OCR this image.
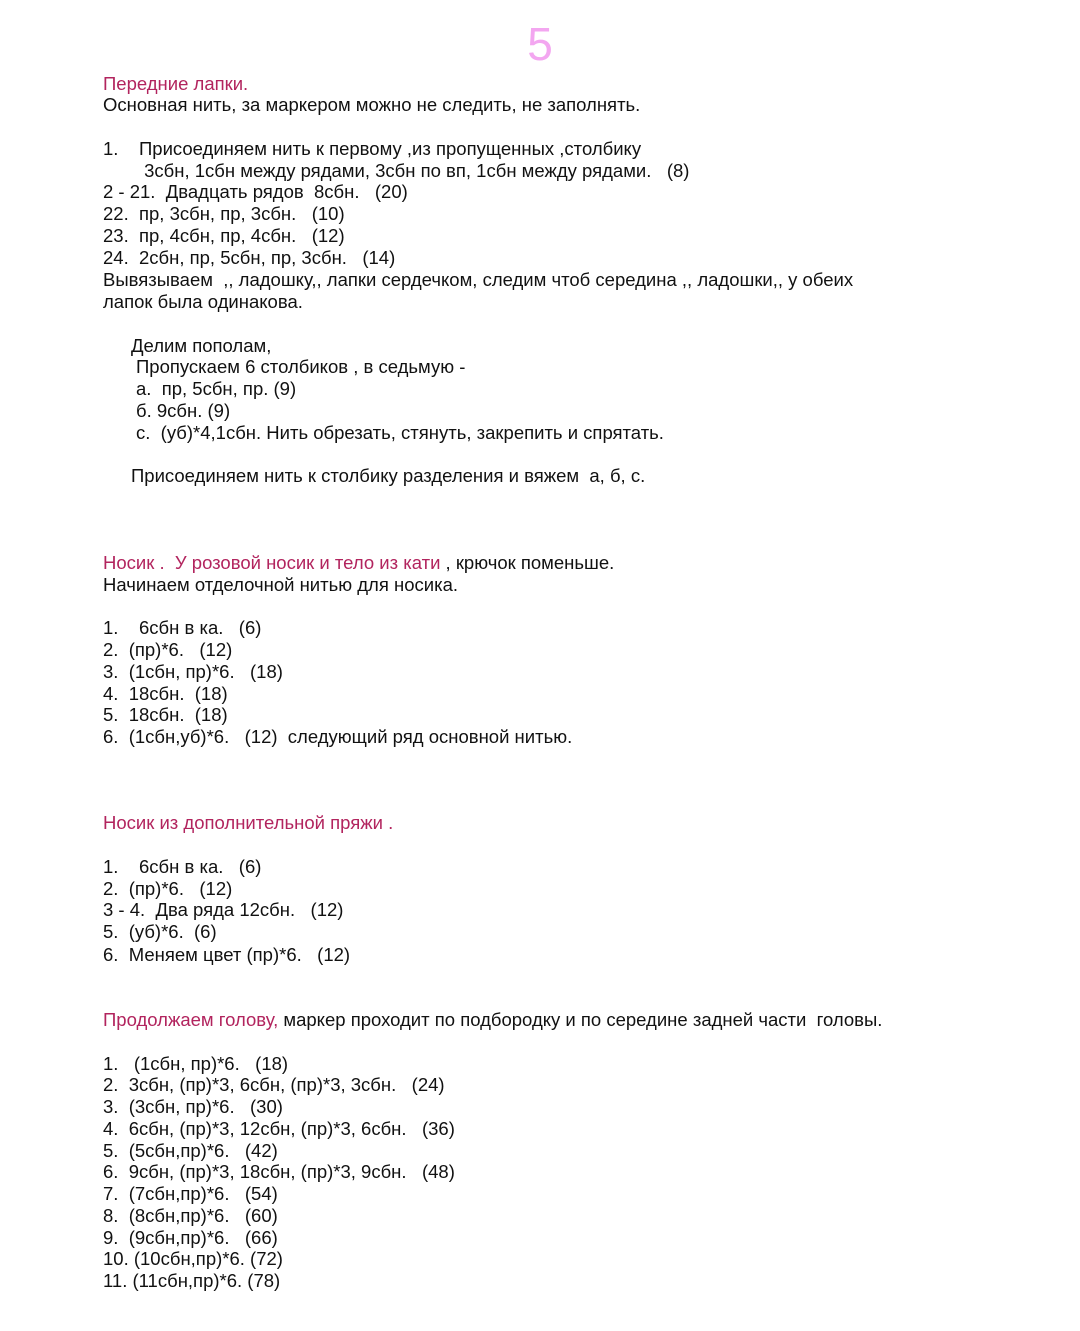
5
Передние лапки.
Основная нить, за маркером можно не следить, не заполнять.
1.    Присоединяем нить к первому ,из пропущенных ,столбику
3сбн, 1сбн между рядами, 3сбн по вп, 1сбн между рядами.   (8)
2 - 21.  Двадцать рядов  8сбн.   (20)
22.  пр, 3сбн, пр, 3сбн.   (10)
23.  пр, 4сбн, пр, 4сбн.   (12)
24.  2сбн, пр, 5сбн, пр, 3сбн.   (14)
Вывязываем  ,, ладошку,, лапки сердечком, следим чтоб середина ,, ладошки,, у обеих
лапок была одинакова.
Делим пополам,
Пропускаем 6 столбиков , в седьмую -
а.  пр, 5сбн, пр. (9)
б. 9сбн. (9)
с.  (уб)*4,1сбн. Нить обрезать, стянуть, закрепить и спрятать.
Присоединяем нить к столбику разделения и вяжем  а, б, с.
Носик .  У розовой носик и тело из кати , крючок поменьше.
Начинаем отделочной нитью для носика.
1.    6сбн в ка.   (6)
2.  (пр)*6.   (12)
3.  (1сбн, пр)*6.   (18)
4.  18сбн.  (18)
5.  18сбн.  (18)
6.  (1сбн,уб)*6.   (12)  следующий ряд основной нитью.
Носик из дополнительной пряжи .
1.    6сбн в ка.   (6)
2.  (пр)*6.   (12)
3 - 4.  Два ряда 12сбн.   (12)
5.  (уб)*6.  (6)
6.  Меняем цвет (пр)*6.   (12)
Продолжаем голову, маркер проходит по подбородку и по середине задней части  головы.
1.   (1сбн, пр)*6.   (18)
2.  3сбн, (пр)*3, 6сбн, (пр)*3, 3сбн.   (24)
3.  (3сбн, пр)*6.   (30)
4.  6сбн, (пр)*3, 12сбн, (пр)*3, 6сбн.   (36)
5.  (5сбн,пр)*6.   (42)
6.  9сбн, (пр)*3, 18сбн, (пр)*3, 9сбн.   (48)
7.  (7сбн,пр)*6.   (54)
8.  (8сбн,пр)*6.   (60)
9.  (9сбн,пр)*6.   (66)
10. (10сбн,пр)*6. (72)
11. (11сбн,пр)*6. (78)
